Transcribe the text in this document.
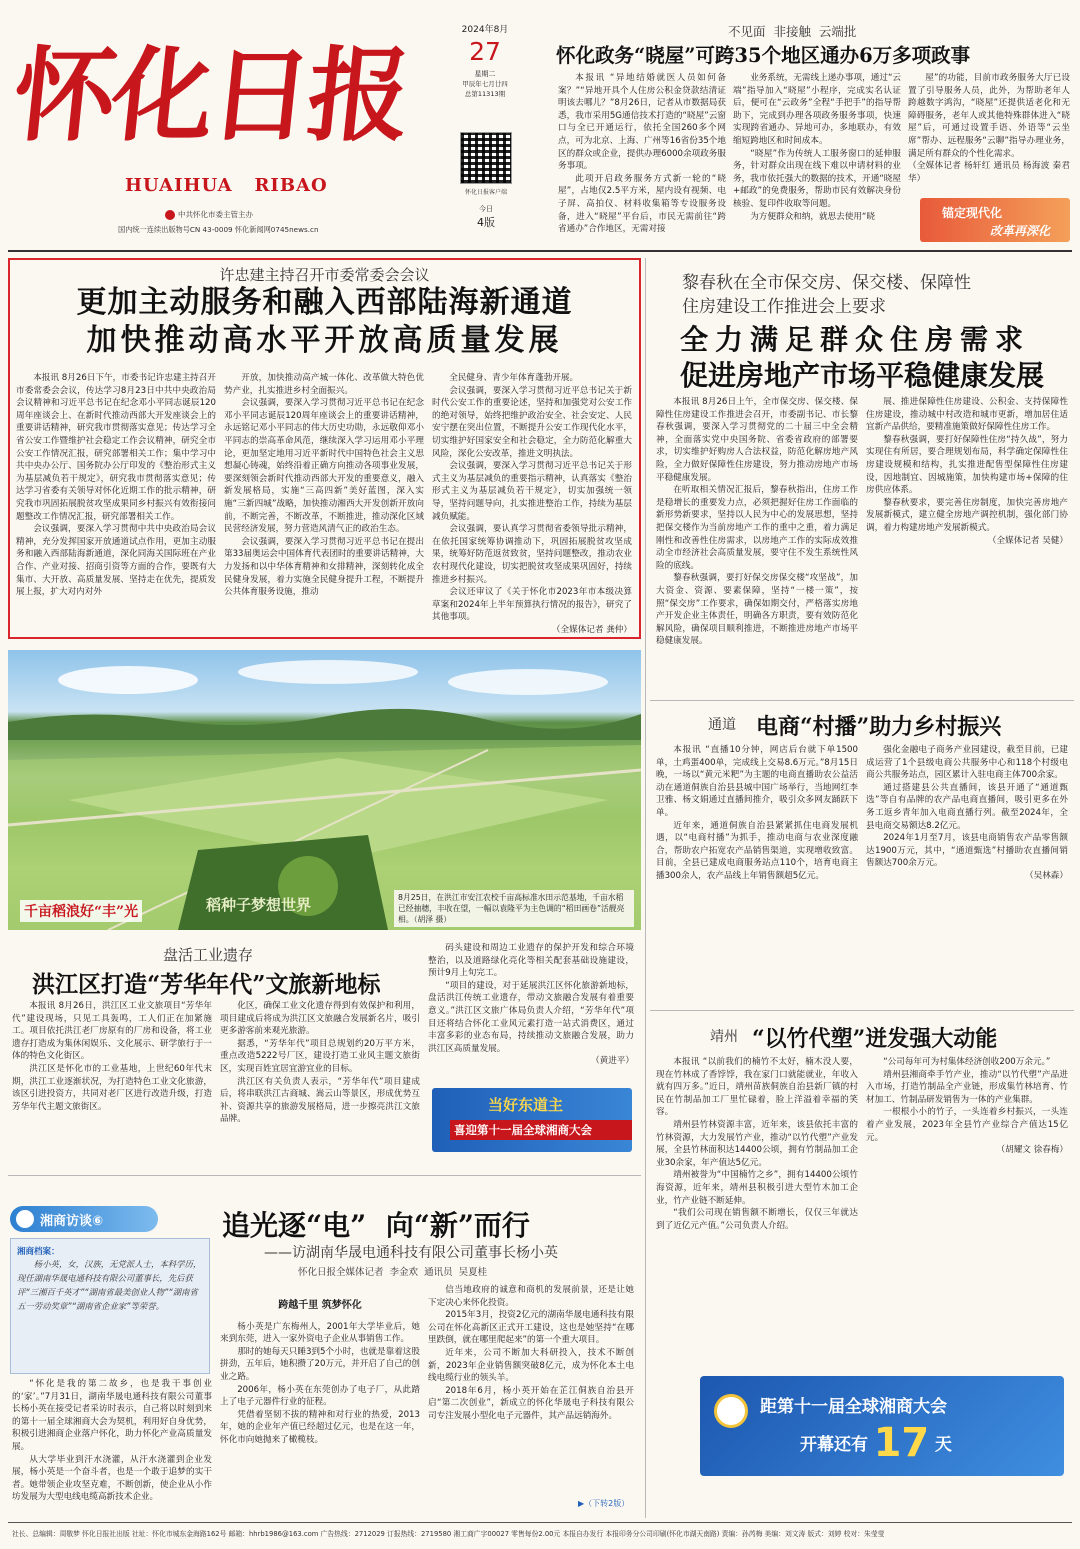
怀化日报
HUAIHUA   RIBAO
中共怀化市委主管主办
国内统一连续出版物号CN 43-0009 怀化新闻网0745news.cn
2024年8月
27
星期二
甲辰年七月廿四
总第11313期
怀化日报客户端
今日
4版
不见面  非接触  云端批
怀化政务“晓屋”可跨35个地区通办6万多项政事

本报讯 “异地结婚就医人员如何备案？”“异地开具个人住房公积金贷款结清证明该去哪儿？”8月26日，记者从市数据局获悉，我市采用5G通信技术打造的“晓屋”云窗口与全已开通运行，依托全国260多个网点，可为北京、上海、广州等16省份35个地区的群众或企业，提供办理6000余项政务服务事项。

此项开启政务服务方式新一轮的“晓屋”，占地仅2.5平方米，屋内设有视频、电子屏、高拍仪、材料收集箱等专设服务设备，进入“晓屋”平台后，市民无需前往“跨省通办”合作地区，无需对接

业务系统，无需线上递办事项，通过“云端”指导加入“晓屋”小程序，完成实名认证后，便可在“云政务”全程“手把手”的指导帮助下，完成到办理各项政务服务事项，快速实现跨省通办、异地可办，多地联办，有效缩短跨地区和时间成本。

“晓屋”作为传统人工服务窗口的延伸服务，针对群众出现在线下难以申请材料的业务，我市依托强大的数据的技术，开通“晓屋+邮政”的免费服务，帮助市民有效解决身份核验、复印件收取等问题。

为方便群众和纳，就思去使用“晓

屋”的功能，目前市政务服务大厅已设置了引导服务人员，此外，为帮助老年人跨越数字鸿沟，“晓屋”还提供适老化和无障碍服务，老年人或其他特殊群体进入“晓屋”后，可通过设置手语、外语等“云坐席”帮办、远程服务“云聊”指导办理业务，满足所有群众的个性化需求。

（全媒体记者 杨轩红 通讯员 杨海波 秦君华）

锚定现代化
改革再深化
许忠建主持召开市委常委会会议
更加主动服务和融入西部陆海新通道
加快推动高水平开放高质量发展

本报讯 8月26日下午，市委书记许忠建主持召开市委常委会会议，传达学习8月23日中共中央政治局会议精神和习近平总书记在纪念邓小平同志诞辰120周年座谈会上、在新时代推动西部大开发座谈会上的重要讲话精神，研究我市贯彻落实意见；传达学习全省公安工作暨维护社会稳定工作会议精神，研究全市公安工作情况汇报，研究部署相关工作；集中学习中共中央办公厅、国务院办公厅印发的《整治形式主义为基层减负若干规定》，研究我市贯彻落实意见；传达学习省委有关领导对怀化近期工作的批示精神，研究我市巩固拓展脱贫攻坚成果同乡村振兴有效衔接问题整改工作情况汇报，研究部署相关工作。

会议强调，要深入学习贯彻中共中央政治局会议精神，充分发挥国家开放通道试点作用，更加主动服务和融入西部陆海新通道，深化同海关国际班在产业合作、产业对接、招商引资等方面的合作，要既有大集市、大开放、高质量发展、坚持走在优先，提质发展上报，扩大对内对外

开放，加快推动高产城一体化、改革做大特色优势产业，扎实推进乡村全面振兴。

会议强调，要深入学习贯彻习近平总书记在纪念邓小平同志诞辰120周年座谈会上的重要讲话精神，永远铭记邓小平同志的伟大历史功勋，永远敬仰邓小平同志的崇高革命风范，继续深入学习运用邓小平理论，更加坚定地用习近平新时代中国特色社会主义思想凝心铸魂，始终沿着正确方向推动各项事业发展，要深刻领会新时代推动西部大开发的重要意义，融入新发展格局，实施“三高四新”美好蓝图，深入实施“三新四城”战略，加快推动湘西大开发创新开放向前，不断完善，不断改革，不断推进，推动深化区域民营经济发展，努力营造风清气正的政治生态。

会议强调，要深入学习贯彻习近平总书记在提出第33届奥运会中国体育代表团时的重要讲话精神，大力发扬和以中华体育精神和女排精神，深刻转化成全民健身发展，着力实施全民健身提升工程，不断提升公共体育服务设施，推动

全民健身、青少年体育蓬勃开展。

会议强调，要深入学习贯彻习近平总书记关于新时代公安工作的重要论述，坚持和加强党对公安工作的绝对领导，始终把维护政治安全、社会安定、人民安宁摆在突出位置，不断提升公安工作现代化水平，切实维护好国家安全和社会稳定，全力防范化解重大风险，深化公安改革，推进文明执法。

会议强调，要深入学习贯彻习近平总书记关于形式主义为基层减负的重要指示精神，认真落实《整治形式主义为基层减负若干规定》，切实加强统一领导，坚持问题导向，扎实推进整治工作，持续为基层减负赋能。

会议强调，要认真学习贯彻省委领导批示精神，在依托国家统筹协调推动下，巩固拓展脱贫攻坚成果，统筹好防范返贫致贫，坚持问题整改，推动农业农村现代化建设，切实把脱贫攻坚成果巩固好，持续推进乡村振兴。

会议还审议了《关于怀化市2023年市本级决算草案和2024年上半年预算执行情况的报告》，研究了其他事项。

（全媒体记者 龚仲）

黎春秋在全市保交房、保交楼、保障性
住房建设工作推进会上要求
全力满足群众住房需求
促进房地产市场平稳健康发展

本报讯 8月26日上午，全市保交房、保交楼、保障性住房建设工作推进会召开，市委副书记、市长黎春秋强调，要深入学习贯彻党的二十届三中全会精神，全面落实党中央国务院、省委省政府的部署要求，切实维护好购房人合法权益，防范化解房地产风险，全力做好保障性住房建设，努力推动房地产市场平稳健康发展。

在听取相关情况汇报后，黎春秋指出，住房工作是稳增长的重要发力点，必须把握好住房工作面临的新形势新要求，坚持以人民为中心的发展思想，坚持把保交楼作为当前房地产工作的重中之重，着力满足刚性和改善性住房需求，以房地产工作的实际成效推动全市经济社会高质量发展，要守住不发生系统性风险的底线。

黎春秋强调，要打好保交房保交楼“攻坚战”，加大资金、资源、要素保障，坚持“一楼一策”，按照“保交房”工作要求，确保如期交付，严格落实房地产开发企业主体责任，明确各方职责，要有效防范化解风险，确保项目顺利推进，不断推进房地产市场平稳健康发展。

展、推进保障性住房建设、公积金、支持保障性住房建设，推动城中村改造和城市更新，增加居住适宜新产品供给，要精准施策做好保障性住房工作。

黎春秋强调，要打好保障性住房“持久战”，努力实现住有所居，要合理规划布局，科学确定保障性住房建设规模和结构，扎实推进配售型保障性住房建设，因地制宜、因城施策，加快构建市场+保障的住房供应体系。

黎春秋要求，要完善住房制度，加快完善房地产发展新模式，建立健全房地产调控机制，强化部门协调，着力构建房地产发展新模式。

（全媒体记者 吴健）

稻种子梦想世界
千亩稻浪好“丰”光
8月25日，在洪江市安江农校千亩高标准水田示范基地，千亩水稻已经抽穗，丰收在望，一幅以袁隆平为主色调的“稻田画卷”活靓亮相。（胡泽 摄）
通道 电商“村播”助力乡村振兴

本报讯 “直播10分钟，网店后台就下单1500单，土鸡蛋400单，完成线上交易8.6万元。”8月15日晚，一场以“黄元米粑”为主题的电商直播助农公益活动在通道侗族自治县县城中国广场举行，当地网红李卫雅、杨文娟通过直播间推介，吸引众多网友踊跃下单。

近年来，通道侗族自治县紧紧抓住电商发展机遇，以“电商村播”为抓手，推动电商与农业深度融合，帮助农户拓宽农产品销售渠道，实现增收致富。目前，全县已建成电商服务站点110个，培育电商主播300余人，农产品线上年销售额超5亿元。

强化金融电子商务产业园建设，截至目前，已建成运营了1个县级电商公共服务中心和118个村级电商公共服务站点，园区累计入驻电商主体700余家。

通过搭建县公共直播间，该县开通了“通道甄选”等自有品牌的农产品电商直播间，吸引更多在外务工返乡青年加入电商直播行列。截至2024年，全县电商交易额达8.2亿元。

2024年1月至7月，该县电商销售农产品零售额达1900万元，其中，“通道甄选”村播助农直播间销售额达700余万元。

（吴林森）

盘活工业遗存
洪江区打造“芳华年代”文旅新地标

本报讯 8月26日，洪江区工业文旅项目“芳华年代”建设现场，只见工具轰鸣，工人们正在加紧施工。项目依托洪江老厂房原有的厂房和设备，将工业遗存打造成为集休闲娱乐、文化展示、研学旅行于一体的特色文化街区。

洪江区是怀化市的工业基地，上世纪60年代末期，洪江工业逐渐状况，为打造特色工业文化旅游，该区引进投资方，共同对老厂区进行改造升级，打造芳华年代主题文旅街区。

化区，确保工业文化遗存得到有效保护和利用，项目建成后将成为洪江区文旅融合发展新名片，吸引更多游客前来观光旅游。

据悉，“芳华年代”项目总规划约20万平方米，重点改造5222号厂区，建设打造工业风主题文旅街区，实现百姓宜居宜游宜业的目标。

洪江区有关负责人表示，“芳华年代”项目建成后，将串联洪江古商城、嵩云山等景区，形成优势互补、资源共享的旅游发展格局，进一步擦亮洪江文旅品牌。

码头建设和周边工业遗存的保护开发和综合环境整治，以及道路绿化亮化等相关配套基础设施建设，预计9月上旬完工。

“项目的建设，对于延展洪江区怀化旅游新地标，盘活洪江传统工业遗存，带动文旅融合发展有着重要意义。”洪江区文旅广体局负责人介绍，“芳华年代”项目还将结合怀化工业风元素打造一站式消费区，通过丰富多彩的业态布局，持续推动文旅融合发展，助力洪江区高质量发展。

（黄进平）

当好东道主
喜迎第十一届全球湘商大会
靖州 “以竹代塑”迸发强大动能

本报讯 “以前我们的楠竹不太好，楠木没人要，现在竹林成了香饽饽，我在家门口就能就业，年收入就有四万多。”近日，靖州苗族侗族自治县新厂镇的村民在竹制品加工厂里忙碌着，脸上洋溢着幸福的笑容。

靖州县竹林资源丰富，近年来，该县依托丰富的竹林资源，大力发展竹产业，推动“以竹代塑”产业发展，全县竹林面积达14400公顷，拥有竹制品加工企业30余家，年产值达5亿元。

靖州被誉为“中国楠竹之乡”，拥有14400公顷竹海资源，近年来，靖州县积极引进大型竹木加工企业，竹产业链不断延伸。

“我们公司现在销售额不断增长，仅仅三年就达到了近亿元产值。”公司负责人介绍。

“公司每年可为村集体经济创收200万余元。”

靖州县湘商牵手竹产业，推动“以竹代塑”产品进入市场，打造竹制品全产业链，形成集竹林培育、竹材加工、竹制品研发销售为一体的产业集群。

一根根小小的竹子，一头连着乡村振兴，一头连着产业发展，2023年全县竹产业综合产值达15亿元。

（胡耀文 徐春梅）

湘商访谈⑥
湘商档案：
杨小英，女，汉族，无党派人士，本科学历，现任湖南华晟电通科技有限公司董事长，先后获评“三湘百千英才”“湖南省最美创业人物”“湖南省五一劳动奖章”“湖南省企业家”等荣誉。
追光逐“电”  向“新”而行
——访湖南华晟电通科技有限公司董事长杨小英
怀化日报全媒体记者  李金欢  通讯员  吴夏桂

“怀化是我的第二故乡，也是我干事创业的‘家’。”7月31日，湖南华晟电通科技有限公司董事长杨小英在接受记者采访时表示，自己将以时刻到来的第十一届全球湘商大会为契机，利用好自身优势，积极引进湘商企业落户怀化，助力怀化产业高质量发展。

从大学毕业到汗水浇灌，从汗水浇灌到企业发展，杨小英是一个奋斗者，也是一个敢于追梦的实干者。她带领企业攻坚克难，不断创新，使企业从小作坊发展为大型电线电缆高新技术企业。

跨越千里 筑梦怀化

杨小英是广东梅州人，2001年大学毕业后，她来到东莞，进入一家外资电子企业从事销售工作。

那时的她每天只睡3到5个小时，也就是靠着这股拼劲，五年后，她积攒了20万元，并开启了自己的创业之路。

2006年，杨小英在东莞创办了电子厂，从此踏上了电子元器件行业的征程。

凭借着坚韧不拔的精神和对行业的热爱，2013年，她的企业年产值已经超过亿元，也是在这一年，怀化市向她抛来了橄榄枝。

信当地政府的诚意和商机的发展前景，还是让她下定决心来怀化投资。

2015年3月，投资2亿元的湖南华晟电通科技有限公司在怀化高新区正式开工建设，这也是她坚持“在哪里跌倒，就在哪里爬起来”的第一个重大项目。

近年来，公司不断加大科研投入，技术不断创新，2023年企业销售额突破8亿元，成为怀化本土电线电缆行业的领头羊。

2018年6月，杨小英开始在芷江侗族自治县开启“第二次创业”，新成立的怀化华晟电子科技有限公司专注发展小型化电子元器件，其产品远销海外。

▶（下转2版）
距第十一届全球湘商大会
开幕还有 17 天
社长、总编辑：周敬梦 怀化日报社出版 社址：怀化市城东金海路162号 邮箱：hhrb1986@163.com 广告热线：2712029 订报热线：2719580 湘工商广字00027 零售每份2.00元 本报自办发行 本报印务分公司印刷(怀化市湖天南路) 责编：孙芮梅 美编：刘文涛 版式：刘婷 校对：朱莹莹
